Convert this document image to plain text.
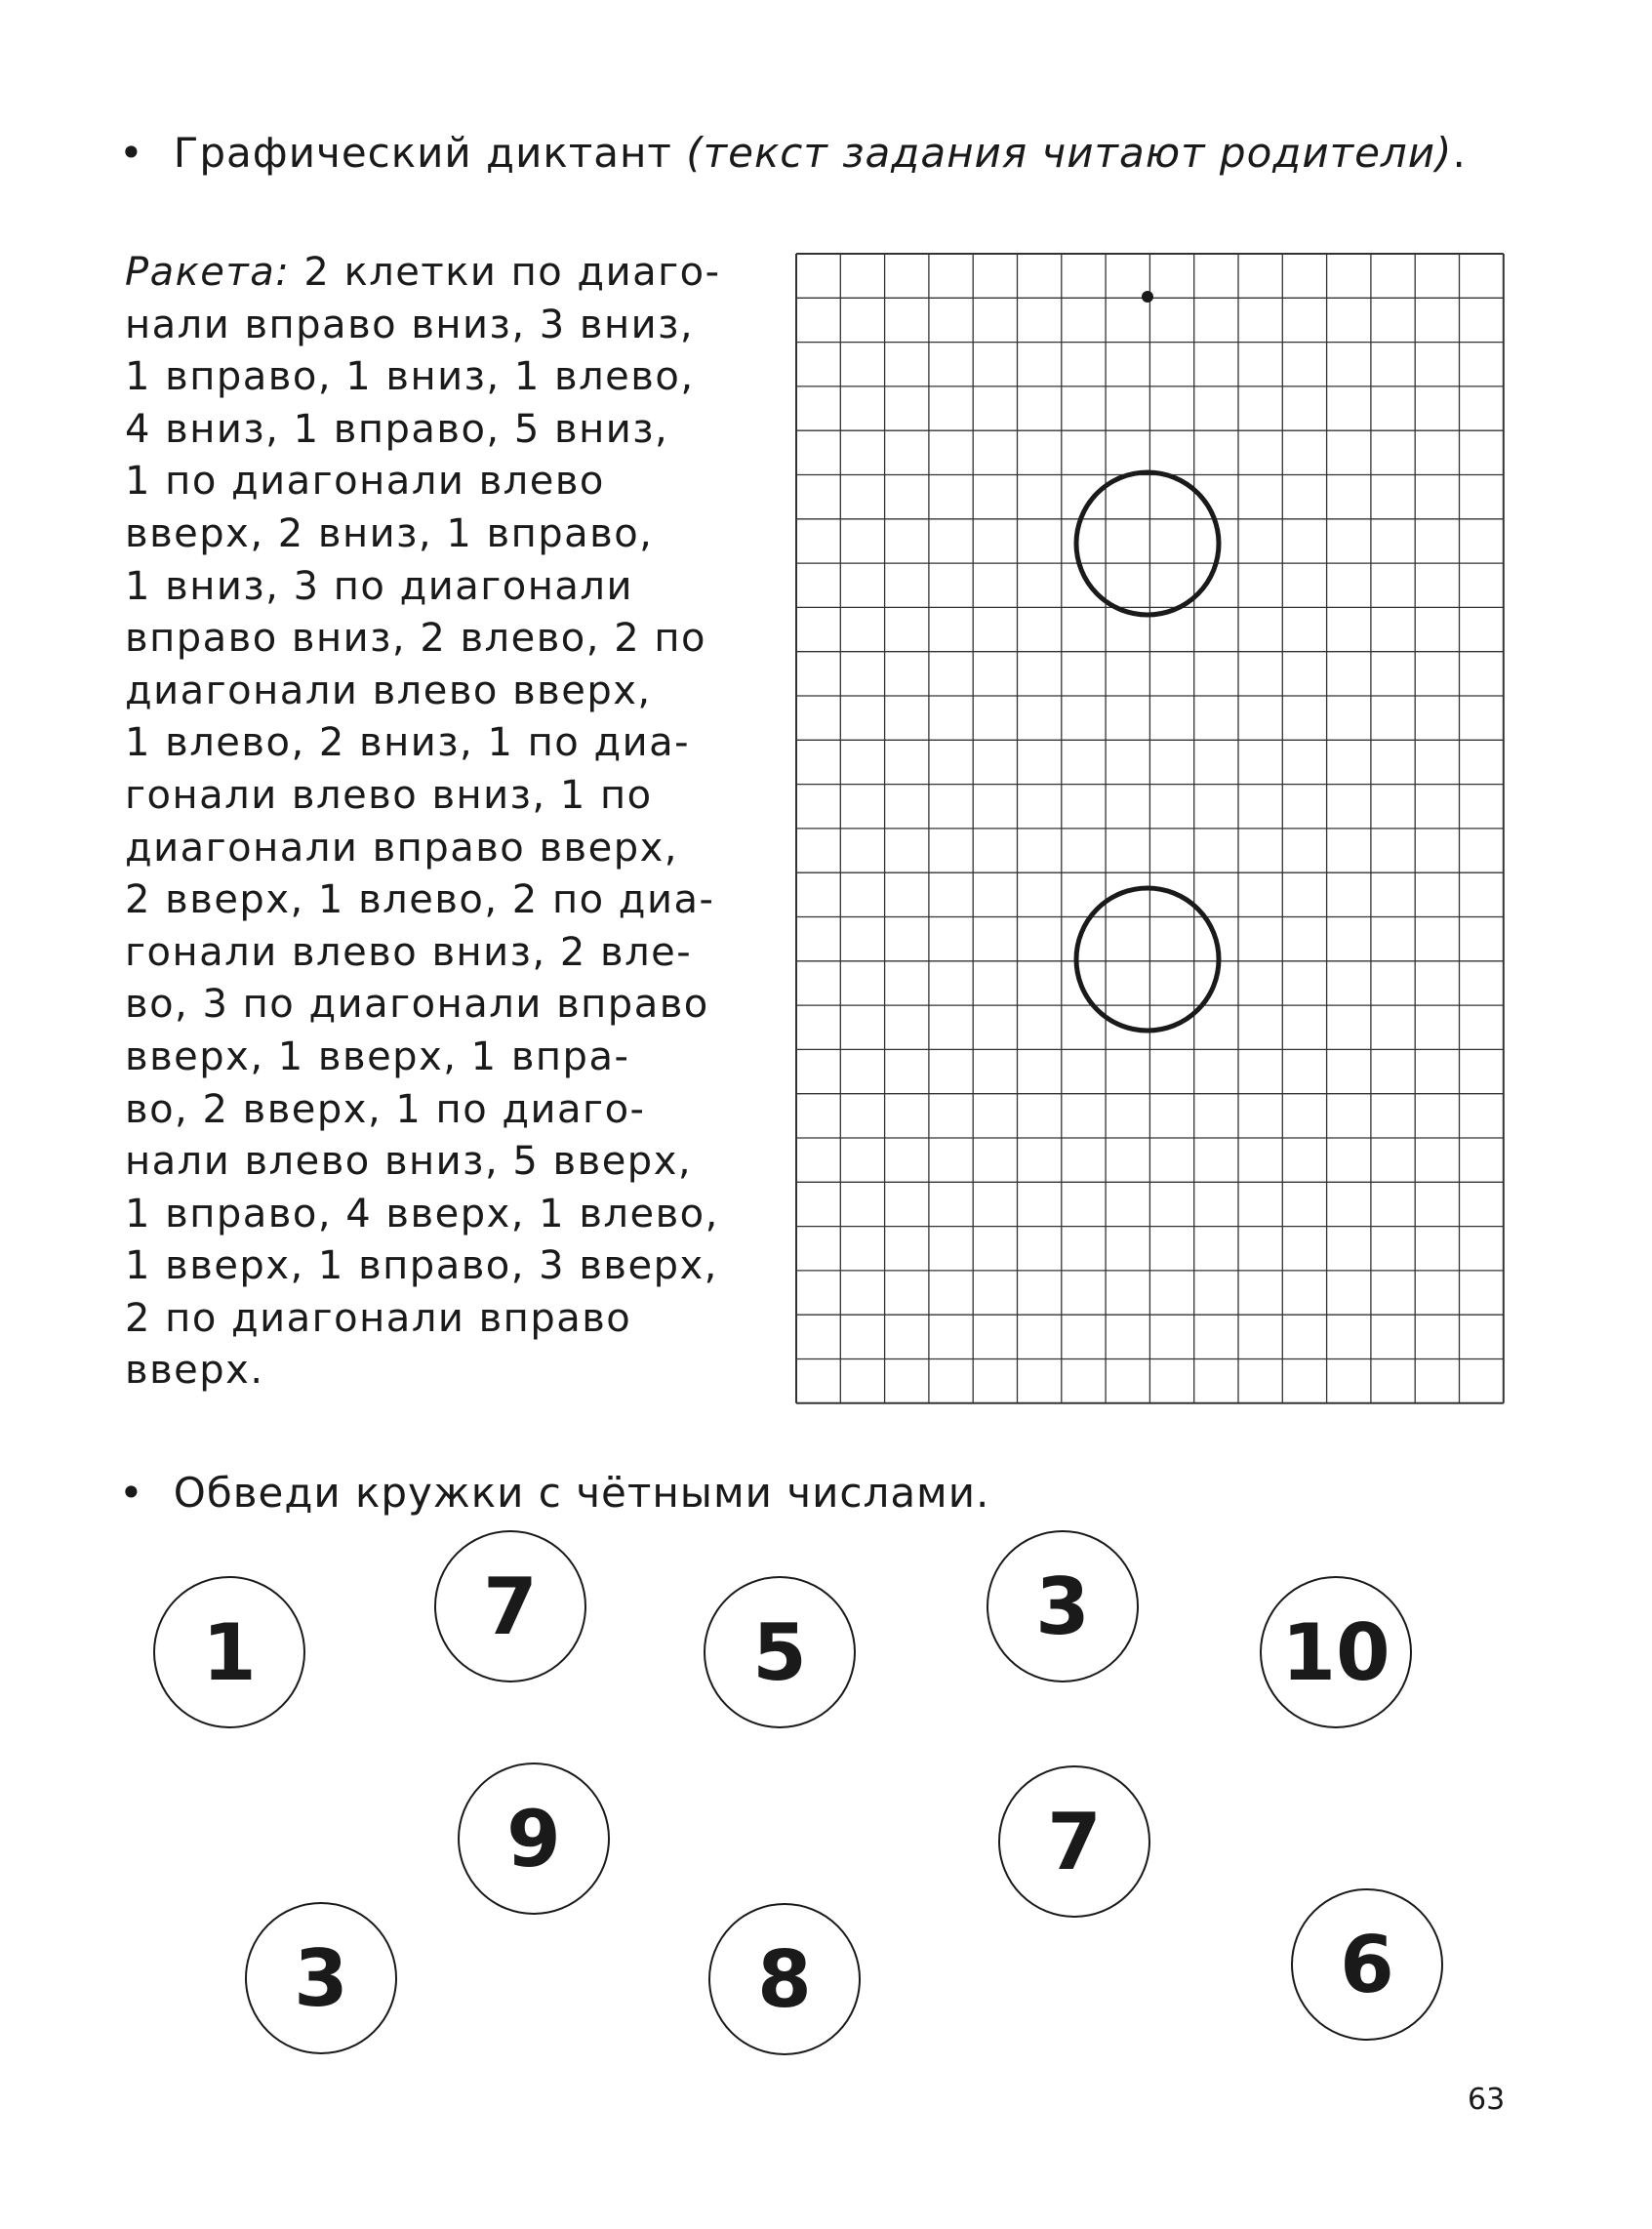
• Графический диктант (текст задания читают родители).
Ракета: 2 клетки по диаго-
нали вправо вниз, 3 вниз,
1 вправо, 1 вниз, 1 влево,
4 вниз, 1 вправо, 5 вниз,
1 по диагонали влево
вверх, 2 вниз, 1 вправо,
1 вниз, 3 по диагонали
вправо вниз, 2 влево, 2 по
диагонали влево вверх,
1 влево, 2 вниз, 1 по диа-
гонали влево вниз, 1 по
диагонали вправо вверх,
2 вверх, 1 влево, 2 по диа-
гонали влево вниз, 2 вле-
во, 3 по диагонали вправо
вверх, 1 вверх, 1 впра-
во, 2 вверх, 1 по диаго-
нали влево вниз, 5 вверх,
1 вправо, 4 вверх, 1 влево,
1 вверх, 1 вправо, 3 вверх,
2 по диагонали вправо
вверх.
• Обведи кружки с чётными числами.
1
7
5
3
10
9	7
3	8	6
63
